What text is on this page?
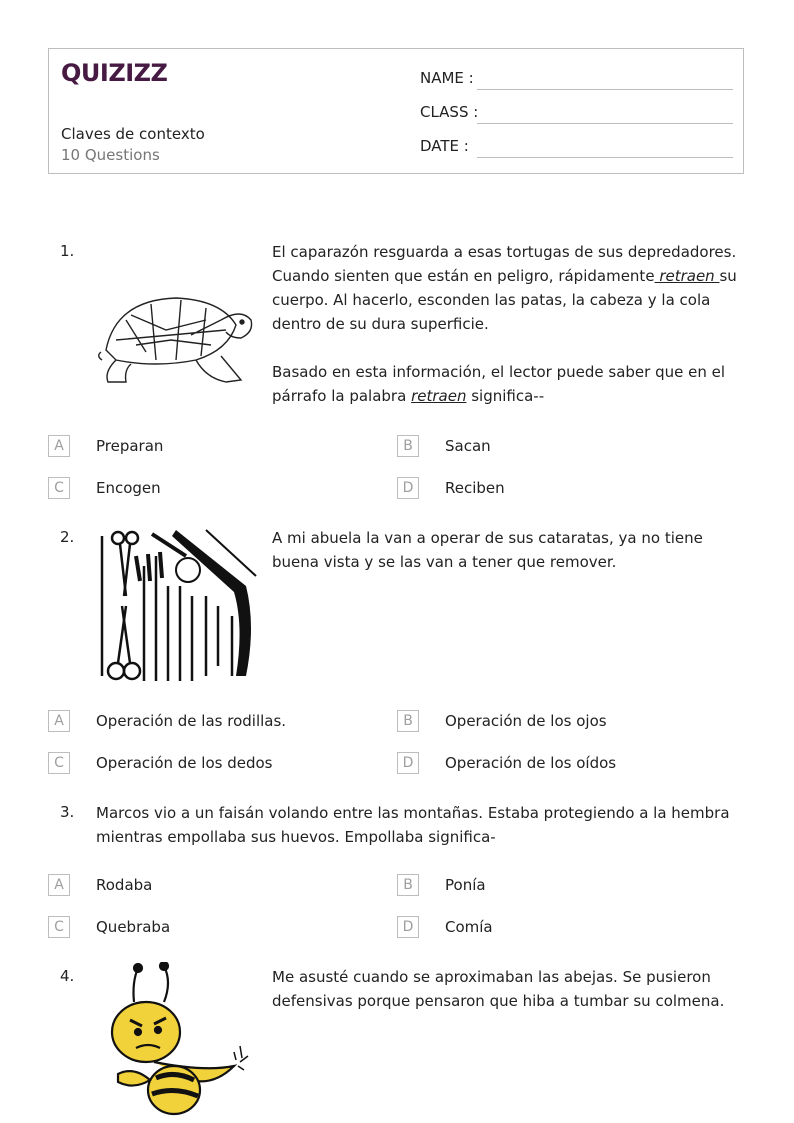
QUIZIZZ
Claves de contexto
10 Questions
NAME :
CLASS :
DATE :
1.	El caparazón resguarda a esas tortugas de sus depredadores. Cuando sienten que están en peligro, rápidamente retraen su cuerpo. Al hacerlo, esconden las patas, la cabeza y la cola dentro de su dura superficie.

Basado en esta información, el lector puede saber que en el párrafo la palabra retraen significa--

A	Preparan	B	Sacan
C	Encogen	D	Reciben
2.	A mi abuela la van a operar de sus cataratas, ya no tiene buena vista y se las van a tener que remover.
A	Operación de las rodillas.	B	Operación de los ojos
C	Operación de los dedos	D	Operación de los oídos
3. Marcos vio a un faisán volando entre las montañas. Estaba protegiendo a la hembra mientras empollaba sus huevos. Empollaba significa-
A	Rodaba	B	Ponía
C	Quebraba	D	Comía
4.	Me asusté cuando se aproximaban las abejas. Se pusieron defensivas porque pensaron que hiba a tumbar su colmena.
